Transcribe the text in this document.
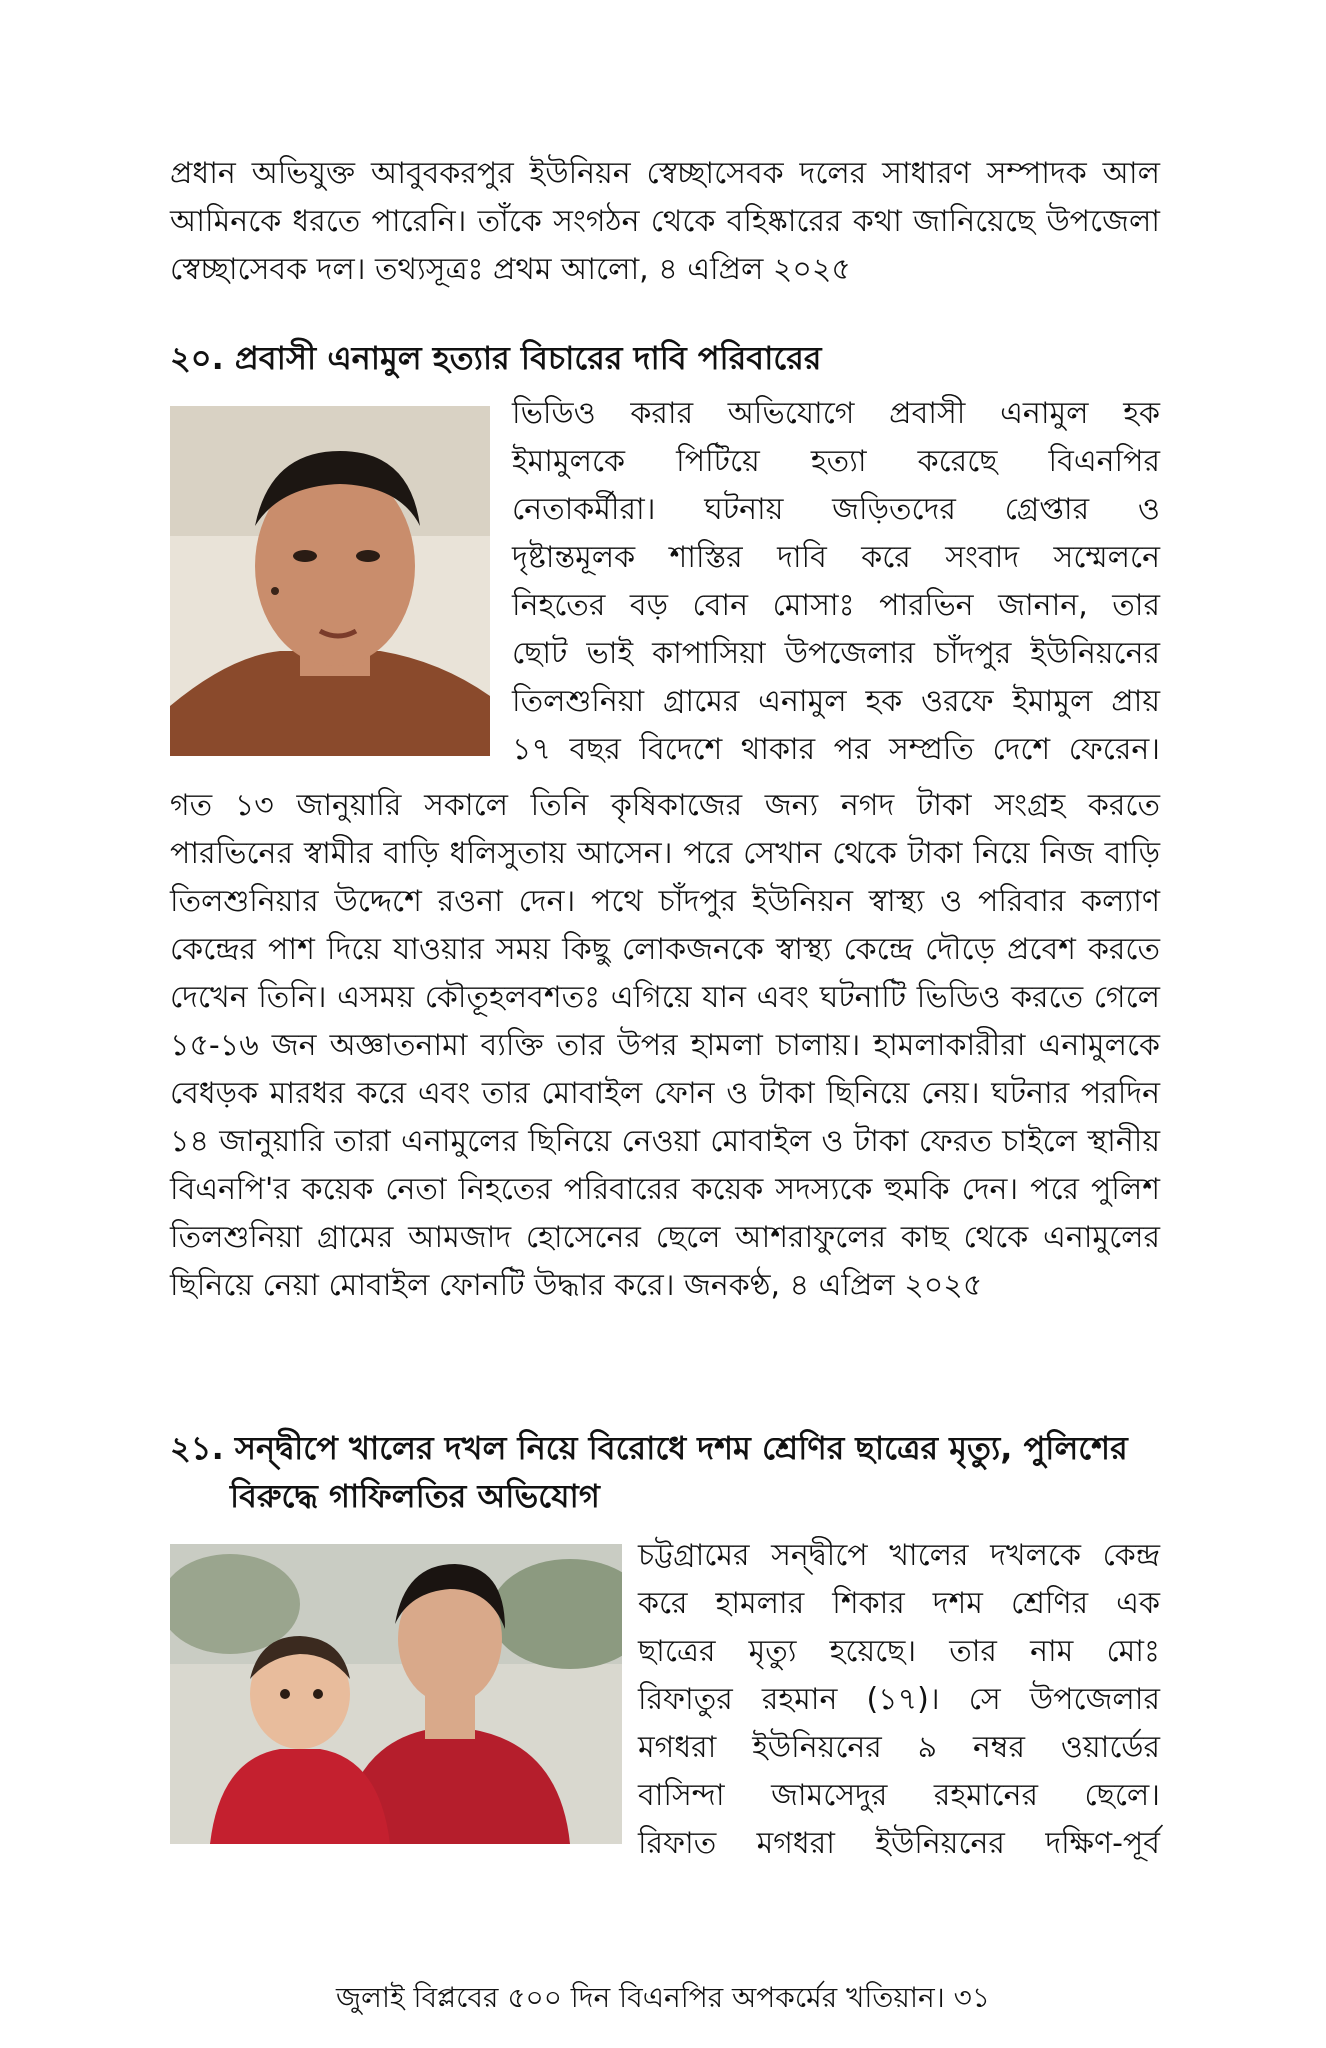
প্রধান অভিযুক্ত আবুবকরপুর ইউনিয়ন স্বেচ্ছাসেবক দলের সাধারণ সম্পাদক আল আমিনকে ধরতে পারেনি। তাঁকে সংগঠন থেকে বহিষ্কারের কথা জানিয়েছে উপজেলা স্বেচ্ছাসেবক দল। তথ্যসূত্রঃ প্রথম আলো, ৪ এপ্রিল ২০২৫

২০. প্রবাসী এনামুল হত্যার বিচারের দাবি পরিবারের

ভিডিও করার অভিযোগে প্রবাসী এনামুল হক
ইমামুলকে পিটিয়ে হত্যা করেছে বিএনপির
নেতাকর্মীরা। ঘটনায় জড়িতদের গ্রেপ্তার ও
দৃষ্টান্তমূলক শাস্তির দাবি করে সংবাদ সম্মেলনে
নিহতের বড় বোন মোসাঃ পারভিন জানান, তার
ছোট ভাই কাপাসিয়া উপজেলার চাঁদপুর ইউনিয়নের
তিলশুনিয়া গ্রামের এনামুল হক ওরফে ইমামুল প্রায়
১৭ বছর বিদেশে থাকার পর সম্প্রতি দেশে ফেরেন।

গত ১৩ জানুয়ারি সকালে তিনি কৃষিকাজের জন্য নগদ টাকা সংগ্রহ করতে পারভিনের স্বামীর বাড়ি ধলিসুতায় আসেন। পরে সেখান থেকে টাকা নিয়ে নিজ বাড়ি তিলশুনিয়ার উদ্দেশে রওনা দেন। পথে চাঁদপুর ইউনিয়ন স্বাস্থ্য ও পরিবার কল্যাণ কেন্দ্রের পাশ দিয়ে যাওয়ার সময় কিছু লোকজনকে স্বাস্থ্য কেন্দ্রে দৌড়ে প্রবেশ করতে দেখেন তিনি। এসময় কৌতূহলবশতঃ এগিয়ে যান এবং ঘটনাটি ভিডিও করতে গেলে ১৫-১৬ জন অজ্ঞাতনামা ব্যক্তি তার উপর হামলা চালায়। হামলাকারীরা এনামুলকে বেধড়ক মারধর করে এবং তার মোবাইল ফোন ও টাকা ছিনিয়ে নেয়। ঘটনার পরদিন ১৪ জানুয়ারি তারা এনামুলের ছিনিয়ে নেওয়া মোবাইল ও টাকা ফেরত চাইলে স্থানীয় বিএনপি'র কয়েক নেতা নিহতের পরিবারের কয়েক সদস্যকে হুমকি দেন। পরে পুলিশ তিলশুনিয়া গ্রামের আমজাদ হোসেনের ছেলে আশরাফুলের কাছ থেকে এনামুলের ছিনিয়ে নেয়া মোবাইল ফোনটি উদ্ধার করে। জনকণ্ঠ, ৪ এপ্রিল ২০২৫

২১. সন্দ্বীপে খালের দখল নিয়ে বিরোধে দশম শ্রেণির ছাত্রের মৃত্যু, পুলিশের
বিরুদ্ধে গাফিলতির অভিযোগ

চট্টগ্রামের সন্দ্বীপে খালের দখলকে কেন্দ্র
করে হামলার শিকার দশম শ্রেণির এক
ছাত্রের মৃত্যু হয়েছে। তার নাম মোঃ
রিফাতুর রহমান (১৭)। সে উপজেলার
মগধরা ইউনিয়নের ৯ নম্বর ওয়ার্ডের
বাসিন্দা জামসেদুর রহমানের ছেলে।
রিফাত মগধরা ইউনিয়নের দক্ষিণ-পূর্ব

জুলাই বিপ্লবের ৫০০ দিন বিএনপির অপকর্মের খতিয়ান। ৩১
